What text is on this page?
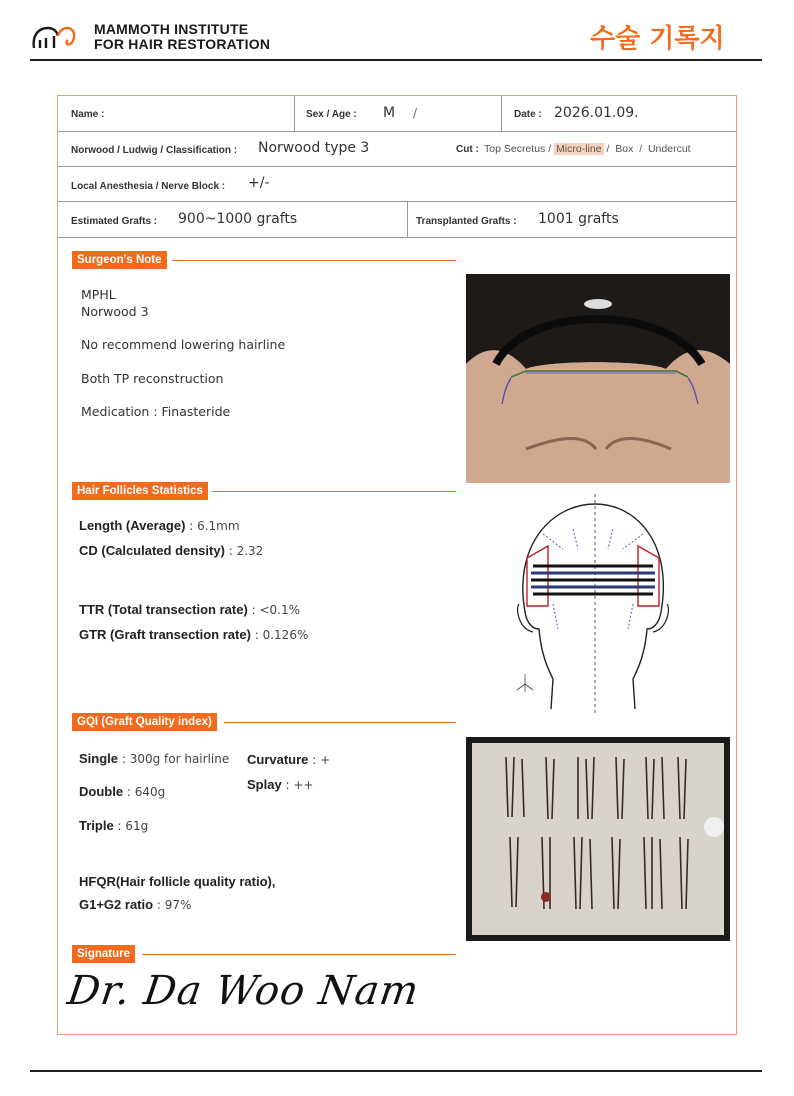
MAMMOTH INSTITUTE
FOR HAIR RESTORATION	수술 기록지
Name :	Sex / Age : M /	Date : 2026.01.09.
Norwood / Ludwig / Classification : Norwood type 3	Cut : Top Secretus / Micro-line / Box / Undercut
Local Anesthesia / Nerve Block : +/-
Estimated Grafts : 900~1000 grafts	Transplanted Grafts : 1001 grafts
Surgeon's Note
MPHL
Norwood 3
No recommend lowering hairline
Both TP reconstruction
Medication : Finasteride
Hair Follicles Statistics
Length (Average) : 6.1mm
CD (Calculated density) : 2.32
TTR (Total transection rate) : <0.1%
GTR (Graft transection rate) : 0.126%
GQI (Graft Quality index)
Single : 300g for hairline Curvature : +
Double : 640g	Splay : ++
Triple : 61g
HFQR(Hair follicle quality ratio),
G1+G2 ratio : 97%
Signature
Dr. Da Woo Nam
